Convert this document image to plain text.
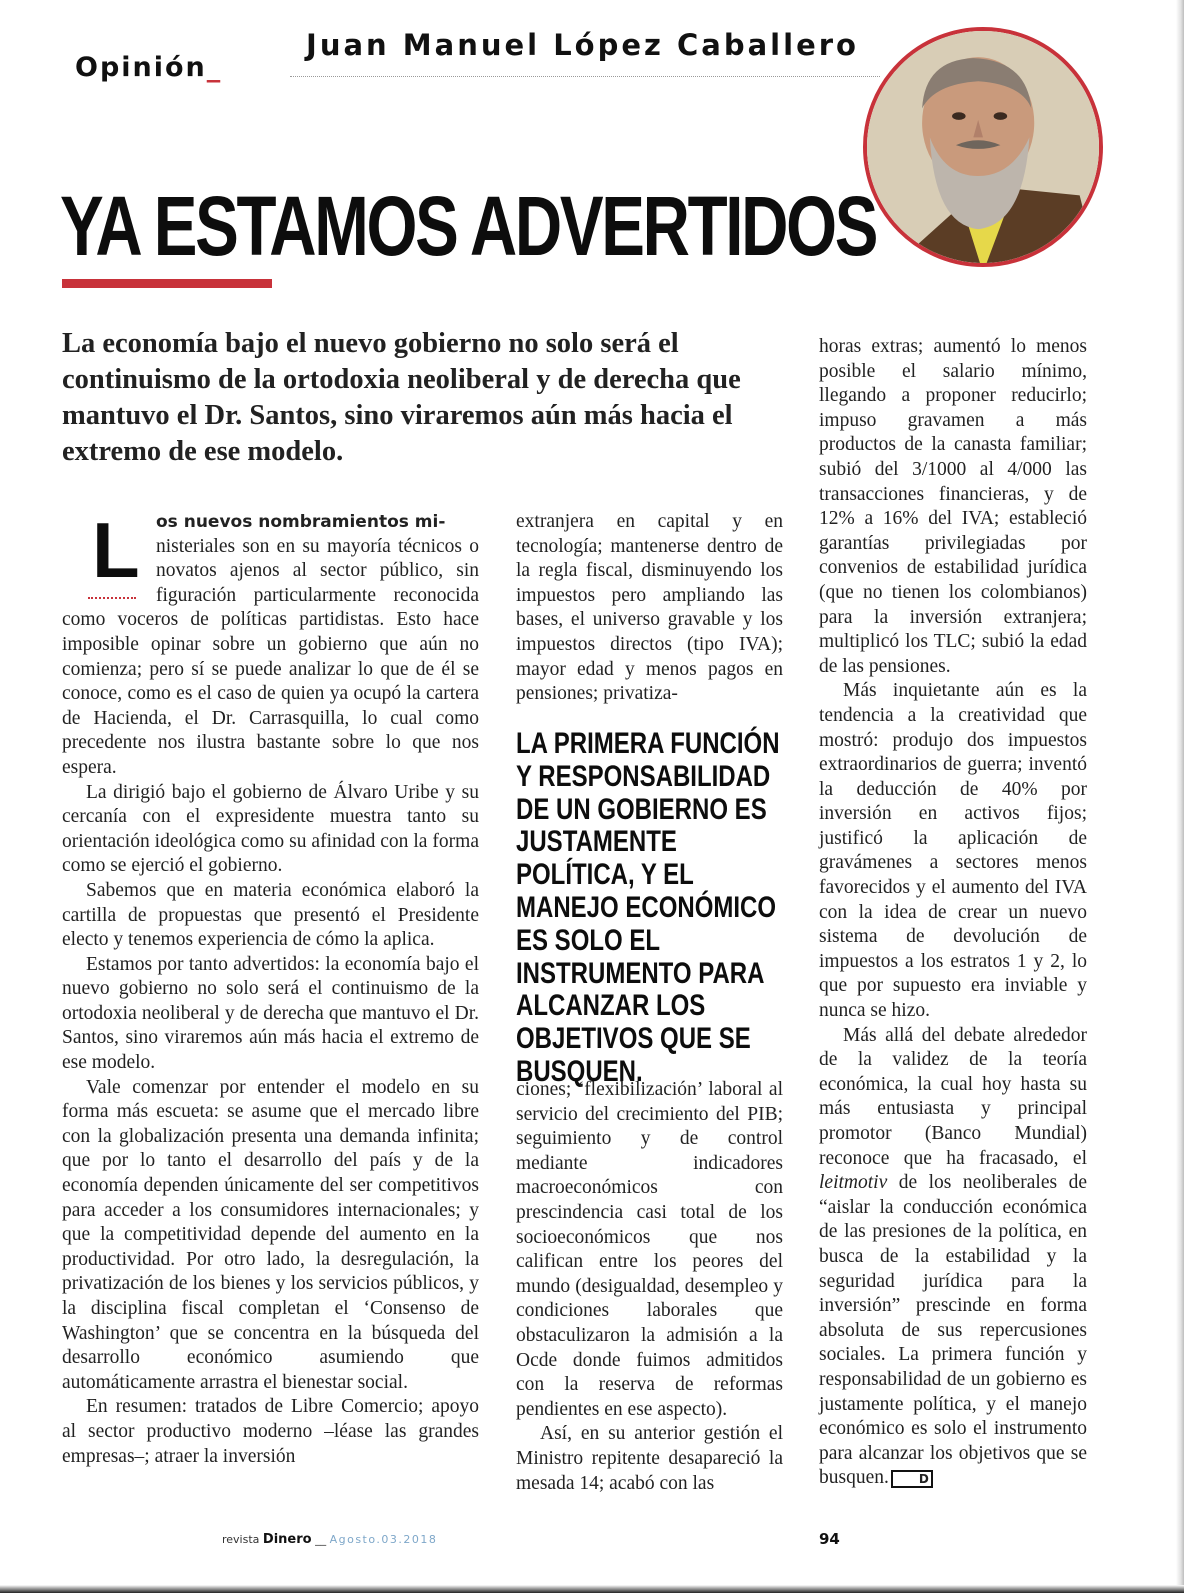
Opinión_
Juan Manuel López Caballero
YA ESTAMOS ADVERTIDOS
La economía bajo el nuevo gobierno no solo será el continuismo de la ortodoxia neoliberal y de derecha que mantuvo el Dr. Santos, sino viraremos aún más hacia el extremo de ese modelo.
L os nuevos nombramientos mi-
nisteriales son en su mayoría técnicos o novatos ajenos al sector público, sin figuración particularmente reconocida como voceros de políticas partidistas. Esto hace imposible opinar sobre un gobierno que aún no comienza; pero sí se puede analizar lo que de él se conoce, como es el caso de quien ya ocupó la cartera de Hacienda, el Dr. Carrasquilla, lo cual como precedente nos ilustra bastante sobre lo que nos espera.

La dirigió bajo el gobierno de Álvaro Uribe y su cercanía con el expresidente muestra tanto su orientación ideológica como su afinidad con la forma como se ejerció el gobierno.

Sabemos que en materia económica elaboró la cartilla de propuestas que presentó el Presidente electo y tenemos experiencia de cómo la aplica.

Estamos por tanto advertidos: la economía bajo el nuevo gobierno no solo será el continuismo de la ortodoxia neoliberal y de derecha que mantuvo el Dr. Santos, sino viraremos aún más hacia el extremo de ese modelo.

Vale comenzar por entender el modelo en su forma más escueta: se asume que el mercado libre con la globalización presenta una demanda infinita; que por lo tanto el desarrollo del país y de la economía dependen únicamente del ser competitivos para acceder a los consumidores internacionales; y que la competitividad depende del aumento en la productividad. Por otro lado, la desregulación, la privatización de los bienes y los servicios públicos, y la disciplina fiscal completan el ‘Consenso de Washington’ que se concentra en la búsqueda del desarrollo económico asumiendo que automáticamente arrastra el bienestar social.

En resumen: tratados de Libre Comercio; apoyo al sector productivo moderno –léase las grandes empresas–; atraer la inversión

extranjera en capital y en tecnología; mantenerse dentro de la regla fiscal, disminuyendo los impuestos pero ampliando las bases, el universo gravable y los impuestos directos (tipo IVA); mayor edad y menos pagos en pensiones; privatiza-

LA PRIMERA FUNCIÓN Y RESPONSABILIDAD DE UN GOBIERNO ES JUSTAMENTE POLÍTICA, Y EL MANEJO ECONÓMICO ES SOLO EL INSTRUMENTO PARA ALCANZAR LOS OBJETIVOS QUE SE BUSQUEN.

ciones; ‘flexibilización’ laboral al servicio del crecimiento del PIB; seguimiento y de control mediante indicadores macroeconómicos con prescindencia casi total de los socioeconómicos que nos califican entre los peores del mundo (desigualdad, desempleo y condiciones laborales que obstaculizaron la admisión a la Ocde donde fuimos admitidos con la reserva de reformas pendientes en ese aspecto).

Así, en su anterior gestión el Ministro repitente desapareció la mesada 14; acabó con las

horas extras; aumentó lo menos posible el salario mínimo, llegando a proponer reducirlo; impuso gravamen a más productos de la canasta familiar; subió del 3/1000 al 4/000 las transacciones financieras, y de 12% a 16% del IVA; estableció garantías privilegiadas por convenios de estabilidad jurídica (que no tienen los colombianos) para la inversión extranjera; multiplicó los TLC; subió la edad de las pensiones.

Más inquietante aún es la tendencia a la creatividad que mostró: produjo dos impuestos extraordinarios de guerra; inventó la deducción de 40% por inversión en activos fijos; justificó la aplicación de gravámenes a sectores menos favorecidos y el aumento del IVA con la idea de crear un nuevo sistema de devolución de impuestos a los estratos 1 y 2, lo que por supuesto era inviable y nunca se hizo.

Más allá del debate alrededor de la validez de la teoría económica, la cual hoy hasta su más entusiasta y principal promotor (Banco Mundial) reconoce que ha fracasado, el leitmotiv de los neoliberales de “aislar la conducción económica de las presiones de la política, en busca de la estabilidad y la seguridad jurídica para la inversión” prescinde en forma absoluta de sus repercusiones sociales. La primera función y responsabilidad de un gobierno es justamente política, y el manejo económico es solo el instrumento para alcanzar los objetivos que se busquen.	D

revista Dinero __ Agosto.03.2018	94
